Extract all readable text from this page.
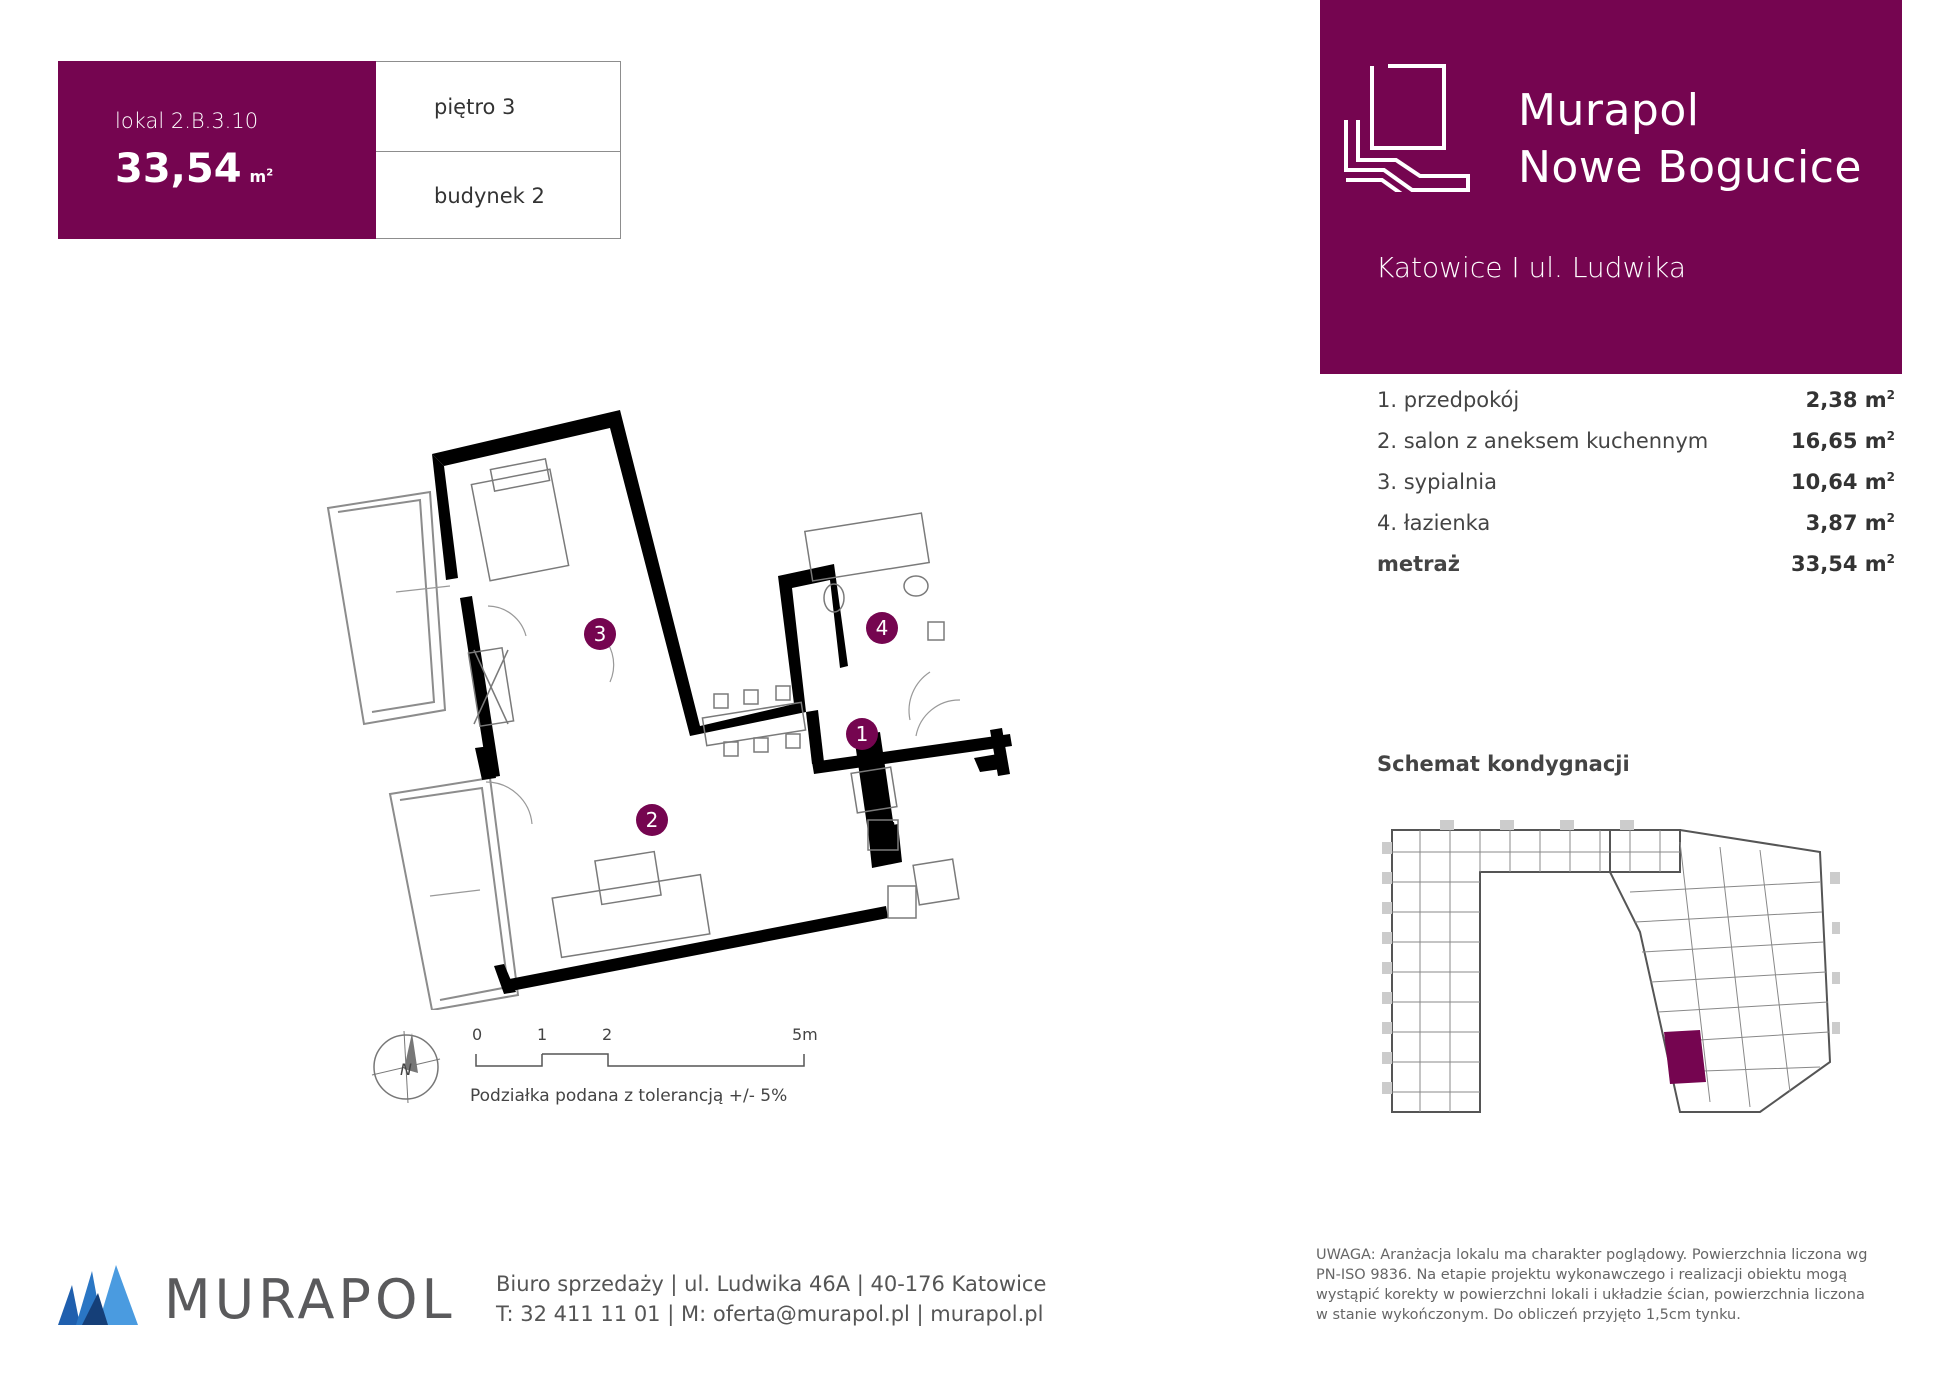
lokal 2.B.3.10
33,54 $m^2$
piętro 3
budynek 2
Murapol
Nowe Bogucice
Katowice I ul. Ludwika
1. przedpokój	2,38 $m^2$
2. salon z aneksem kuchennym	16,65 $m^2$
3. sypialnia	10,64 $m^2$
4. łazienka	3,87 $m^2$
metraż	33,54 $m^2$
Schemat kondygnacji
3	4
1
2
N
0	1	2	5m
Podziałka podana z tolerancją +/- 5%
MURAPOL Biuro sprzedaży | ul. Ludwika 46A | 40-176 Katowice
T: 32 411 11 01 | M: oferta@murapol.pl | murapol.pl
UWAGA: Aranżacja lokalu ma charakter poglądowy. Powierzchnia liczona wg PN-ISO 9836. Na etapie projektu wykonawczego i realizacji obiektu mogą wystąpić korekty w powierzchni lokali i układzie ścian, powierzchnia liczona w stanie wykończonym. Do obliczeń przyjęto 1,5cm tynku.
